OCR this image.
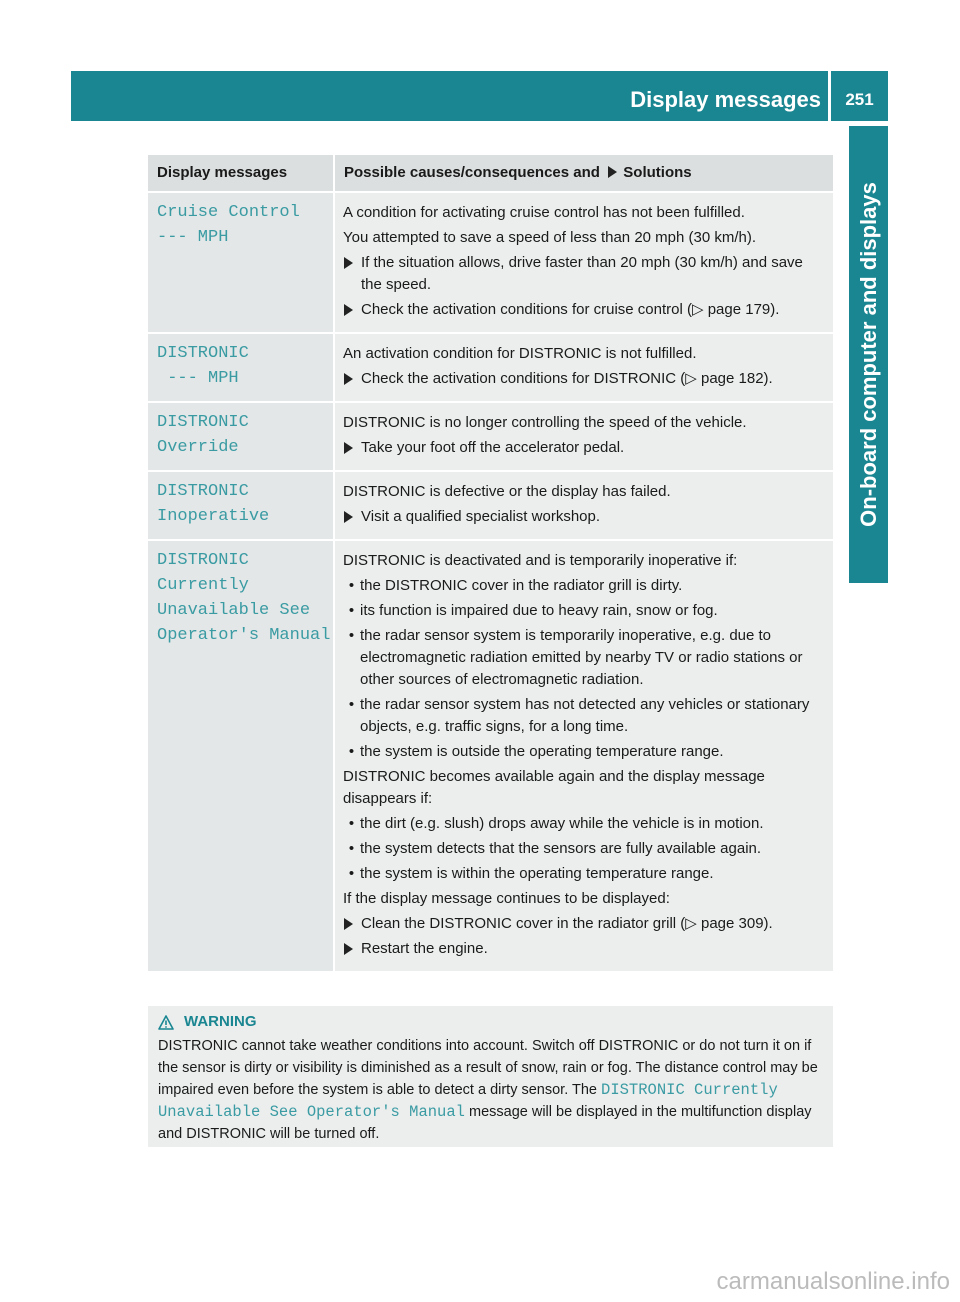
Display messages	251
On-board computer and displays
Display messages	Possible causes/consequences and Solutions
Cruise Control
--- MPH
A condition for activating cruise control has not been fulfilled.
You attempted to save a speed of less than 20 mph (30 km/h).
If the situation allows, drive faster than 20 mph (30 km/h) and save the speed.
Check the activation conditions for cruise control (▷ page 179).
DISTRONIC
--- MPH
An activation condition for DISTRONIC is not fulfilled.
Check the activation conditions for DISTRONIC (▷ page 182).
DISTRONIC
Override
DISTRONIC is no longer controlling the speed of the vehicle.
Take your foot off the accelerator pedal.
DISTRONIC
Inoperative
DISTRONIC is defective or the display has failed.
Visit a qualified specialist workshop.
DISTRONIC
Currently
Unavailable See
Operator's Manual
DISTRONIC is deactivated and is temporarily inoperative if:
• the DISTRONIC cover in the radiator grill is dirty.
• its function is impaired due to heavy rain, snow or fog.
• the radar sensor system is temporarily inoperative, e.g. due to electromagnetic radiation emitted by nearby TV or radio stations or other sources of electromagnetic radiation.
• the radar sensor system has not detected any vehicles or stationary objects, e.g. traffic signs, for a long time.
• the system is outside the operating temperature range.
DISTRONIC becomes available again and the display message disappears if:
• the dirt (e.g. slush) drops away while the vehicle is in motion.
• the system detects that the sensors are fully available again.
• the system is within the operating temperature range.
If the display message continues to be displayed:
Clean the DISTRONIC cover in the radiator grill (▷ page 309).
Restart the engine.
WARNING
DISTRONIC cannot take weather conditions into account. Switch off DISTRONIC or do not turn it on if the sensor is dirty or visibility is diminished as a result of snow, rain or fog. The distance control may be impaired even before the system is able to detect a dirty sensor. The DISTRONIC Currently Unavailable See Operator's Manual message will be displayed in the multifunction display and DISTRONIC will be turned off.
carmanualsonline.info
